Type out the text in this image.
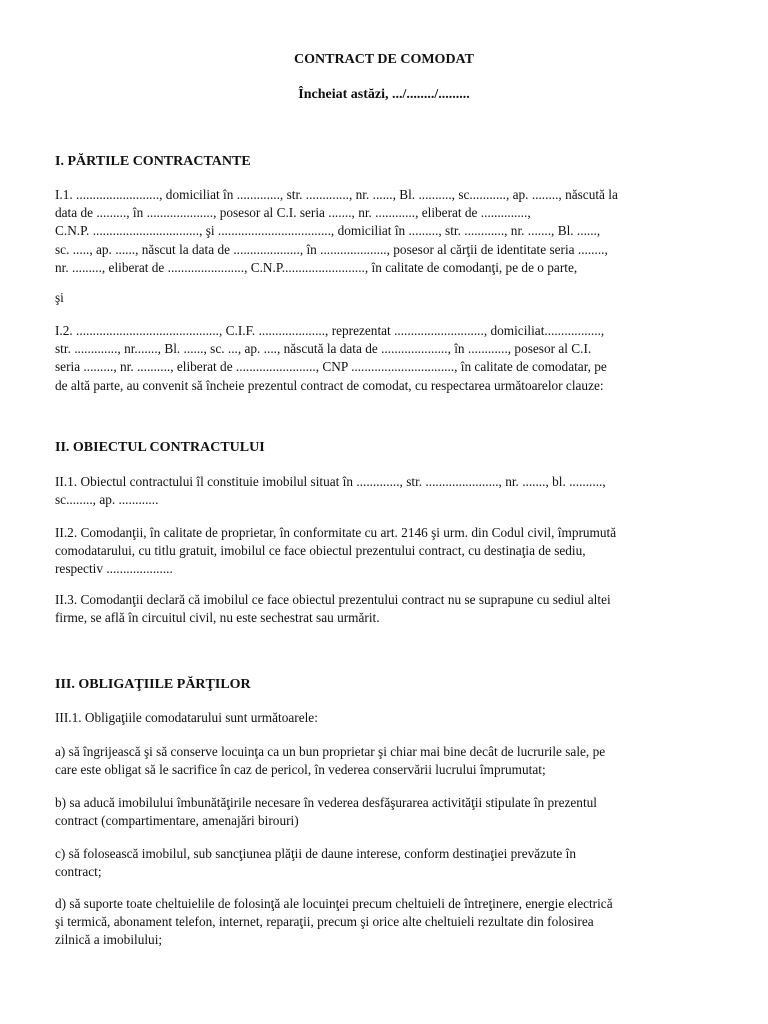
CONTRACT DE COMODAT

Încheiat astăzi, .../......../.........

I. PĂRTILE CONTRACTANTE

I.1. ........................., domiciliat în ............., str. ............., nr. ......, Bl. .........., sc..........., ap. ........, născută la
data de ........., în ...................., posesor al C.I. seria ......., nr. ............, eliberat de ..............,
C.N.P. ................................, şi .................................., domiciliat în ........., str. ............, nr. ......., Bl. ......,
sc. ....., ap. ......, născut la data de ...................., în ...................., posesor al cărţii de identitate seria ........,
nr. ........., eliberat de ......................., C.N.P........................., în calitate de comodanţi, pe de o parte,
şi
I.2. ..........................................., C.I.F. ...................., reprezentat ..........................., domiciliat.................,
str. ............., nr......., Bl. ......, sc. ..., ap. ...., născută la data de ...................., în ............, posesor al C.I.
seria ........., nr. .........., eliberat de ........................, CNP ..............................., în calitate de comodatar, pe
de altă parte, au convenit să încheie prezentul contract de comodat, cu respectarea următoarelor clauze:

II. OBIECTUL CONTRACTULUI

II.1. Obiectul contractului îl constituie imobilul situat în ............., str. ......................, nr. ......., bl. ..........,
sc........, ap. ............
II.2. Comodanţii, în calitate de proprietar, în conformitate cu art. 2146 şi urm. din Codul civil, împrumută
comodatarului, cu titlu gratuit, imobilul ce face obiectul prezentului contract, cu destinaţia de sediu,
respectiv ....................
II.3. Comodanţii declară că imobilul ce face obiectul prezentului contract nu se suprapune cu sediul altei
firme, se află în circuitul civil, nu este sechestrat sau urmărit.

III. OBLIGAŢIILE PĂRŢILOR

III.1. Obligaţiile comodatarului sunt următoarele:
a) să îngrijească şi să conserve locuinţa ca un bun proprietar şi chiar mai bine decât de lucrurile sale, pe
care este obligat să le sacrifice în caz de pericol, în vederea conservării lucrului împrumutat;
b) sa aducă imobilului îmbunătăţirile necesare în vederea desfăşurarea activităţii stipulate în prezentul
contract (compartimentare, amenajări birouri)
c) să folosească imobilul, sub sancţiunea plăţii de daune interese, conform destinaţiei prevăzute în
contract;
d) să suporte toate cheltuielile de folosinţă ale locuinţei precum cheltuieli de întreţinere, energie electrică
şi termică, abonament telefon, internet, reparaţii, precum şi orice alte cheltuieli rezultate din folosirea
zilnică a imobilului;
